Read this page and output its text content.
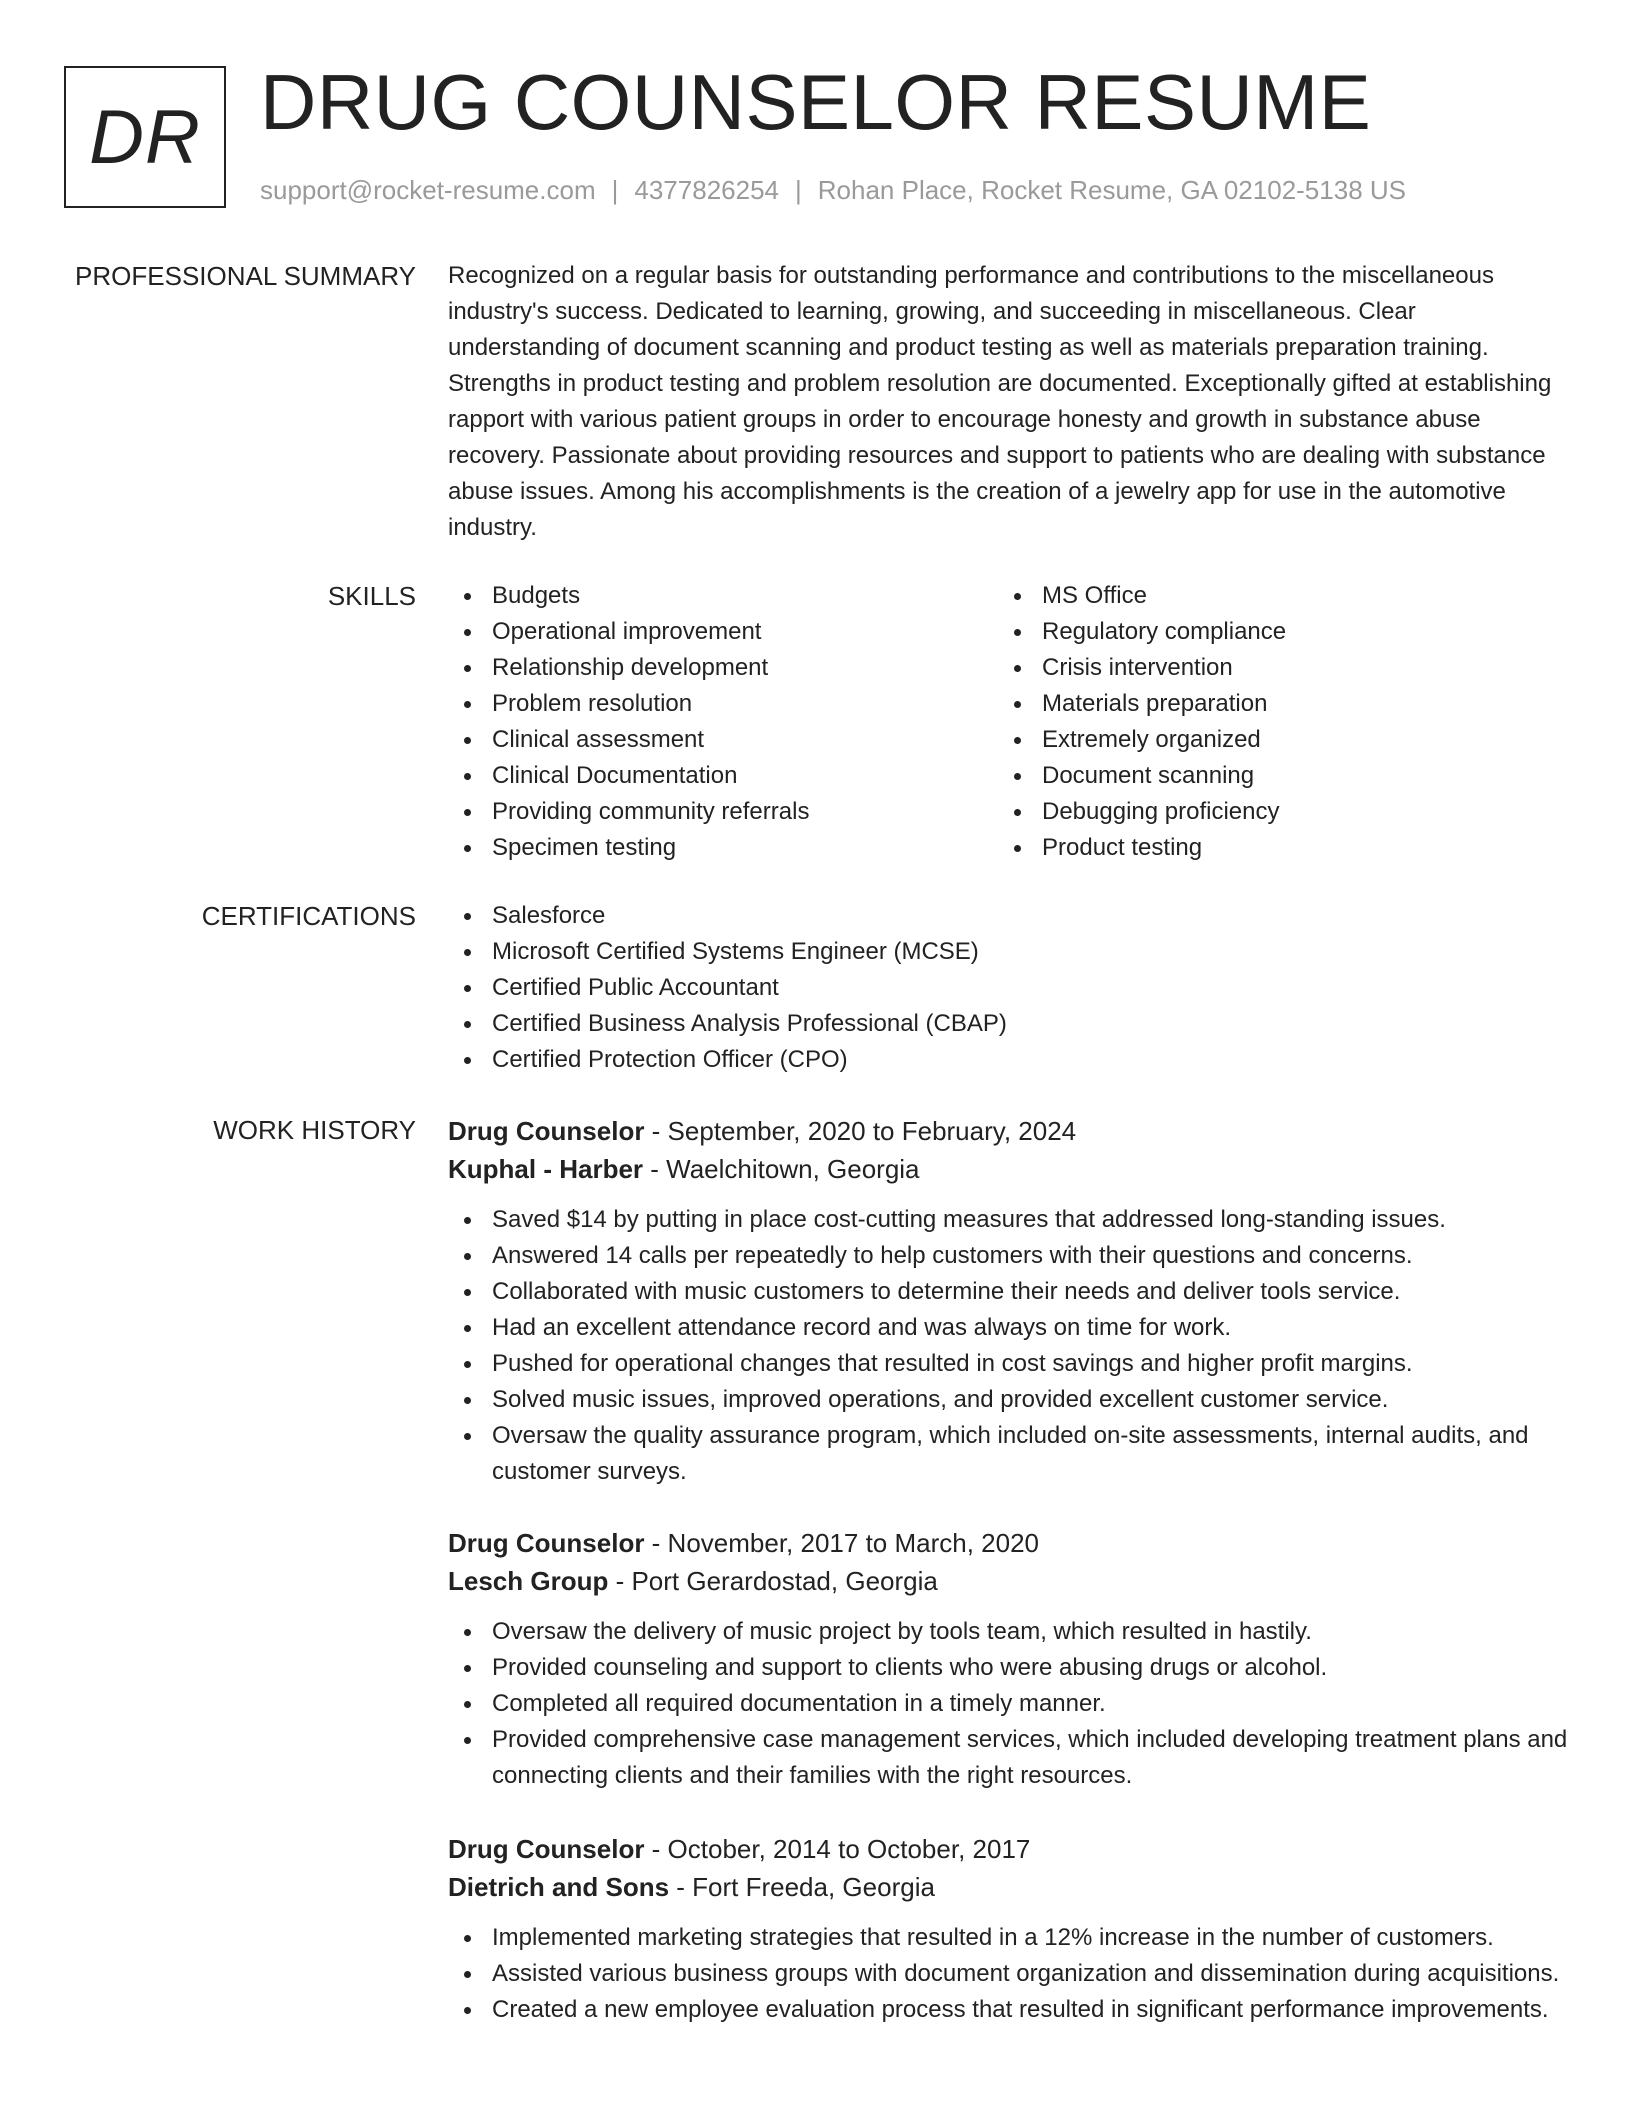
DR DRUG COUNSELOR RESUME
support@rocket-resume.com | 4377826254 | Rohan Place, Rocket Resume, GA 02102-5138 US
PROFESSIONAL SUMMARY Recognized on a regular basis for outstanding performance and contributions to the miscellaneous industry's success. Dedicated to learning, growing, and succeeding in miscellaneous. Clear understanding of document scanning and product testing as well as materials preparation training. Strengths in product testing and problem resolution are documented. Exceptionally gifted at establishing rapport with various patient groups in order to encourage honesty and growth in substance abuse recovery. Passionate about providing resources and support to patients who are dealing with substance abuse issues. Among his accomplishments is the creation of a jewelry app for use in the automotive industry.

SKILLS	Budgets
Operational improvement
Relationship development
Problem resolution
Clinical assessment
Clinical Documentation
Providing community referrals
Specimen testing
MS Office
Regulatory compliance
Crisis intervention
Materials preparation
Extremely organized
Document scanning
Debugging proficiency
Product testing
CERTIFICATIONS	Salesforce
Microsoft Certified Systems Engineer (MCSE)
Certified Public Accountant
Certified Business Analysis Professional (CBAP)
Certified Protection Officer (CPO)
WORK HISTORY Drug Counselor - September, 2020 to February, 2024
Kuphal - Harber - Waelchitown, Georgia
Saved $14 by putting in place cost-cutting measures that addressed long-standing issues.
Answered 14 calls per repeatedly to help customers with their questions and concerns.
Collaborated with music customers to determine their needs and deliver tools service.
Had an excellent attendance record and was always on time for work.
Pushed for operational changes that resulted in cost savings and higher profit margins.
Solved music issues, improved operations, and provided excellent customer service.
Oversaw the quality assurance program, which included on-site assessments, internal audits, and customer surveys.
Drug Counselor - November, 2017 to March, 2020
Lesch Group - Port Gerardostad, Georgia
Oversaw the delivery of music project by tools team, which resulted in hastily.
Provided counseling and support to clients who were abusing drugs or alcohol.
Completed all required documentation in a timely manner.
Provided comprehensive case management services, which included developing treatment plans and connecting clients and their families with the right resources.
Drug Counselor - October, 2014 to October, 2017
Dietrich and Sons - Fort Freeda, Georgia
Implemented marketing strategies that resulted in a 12% increase in the number of customers.
Assisted various business groups with document organization and dissemination during acquisitions.
Created a new employee evaluation process that resulted in significant performance improvements.
